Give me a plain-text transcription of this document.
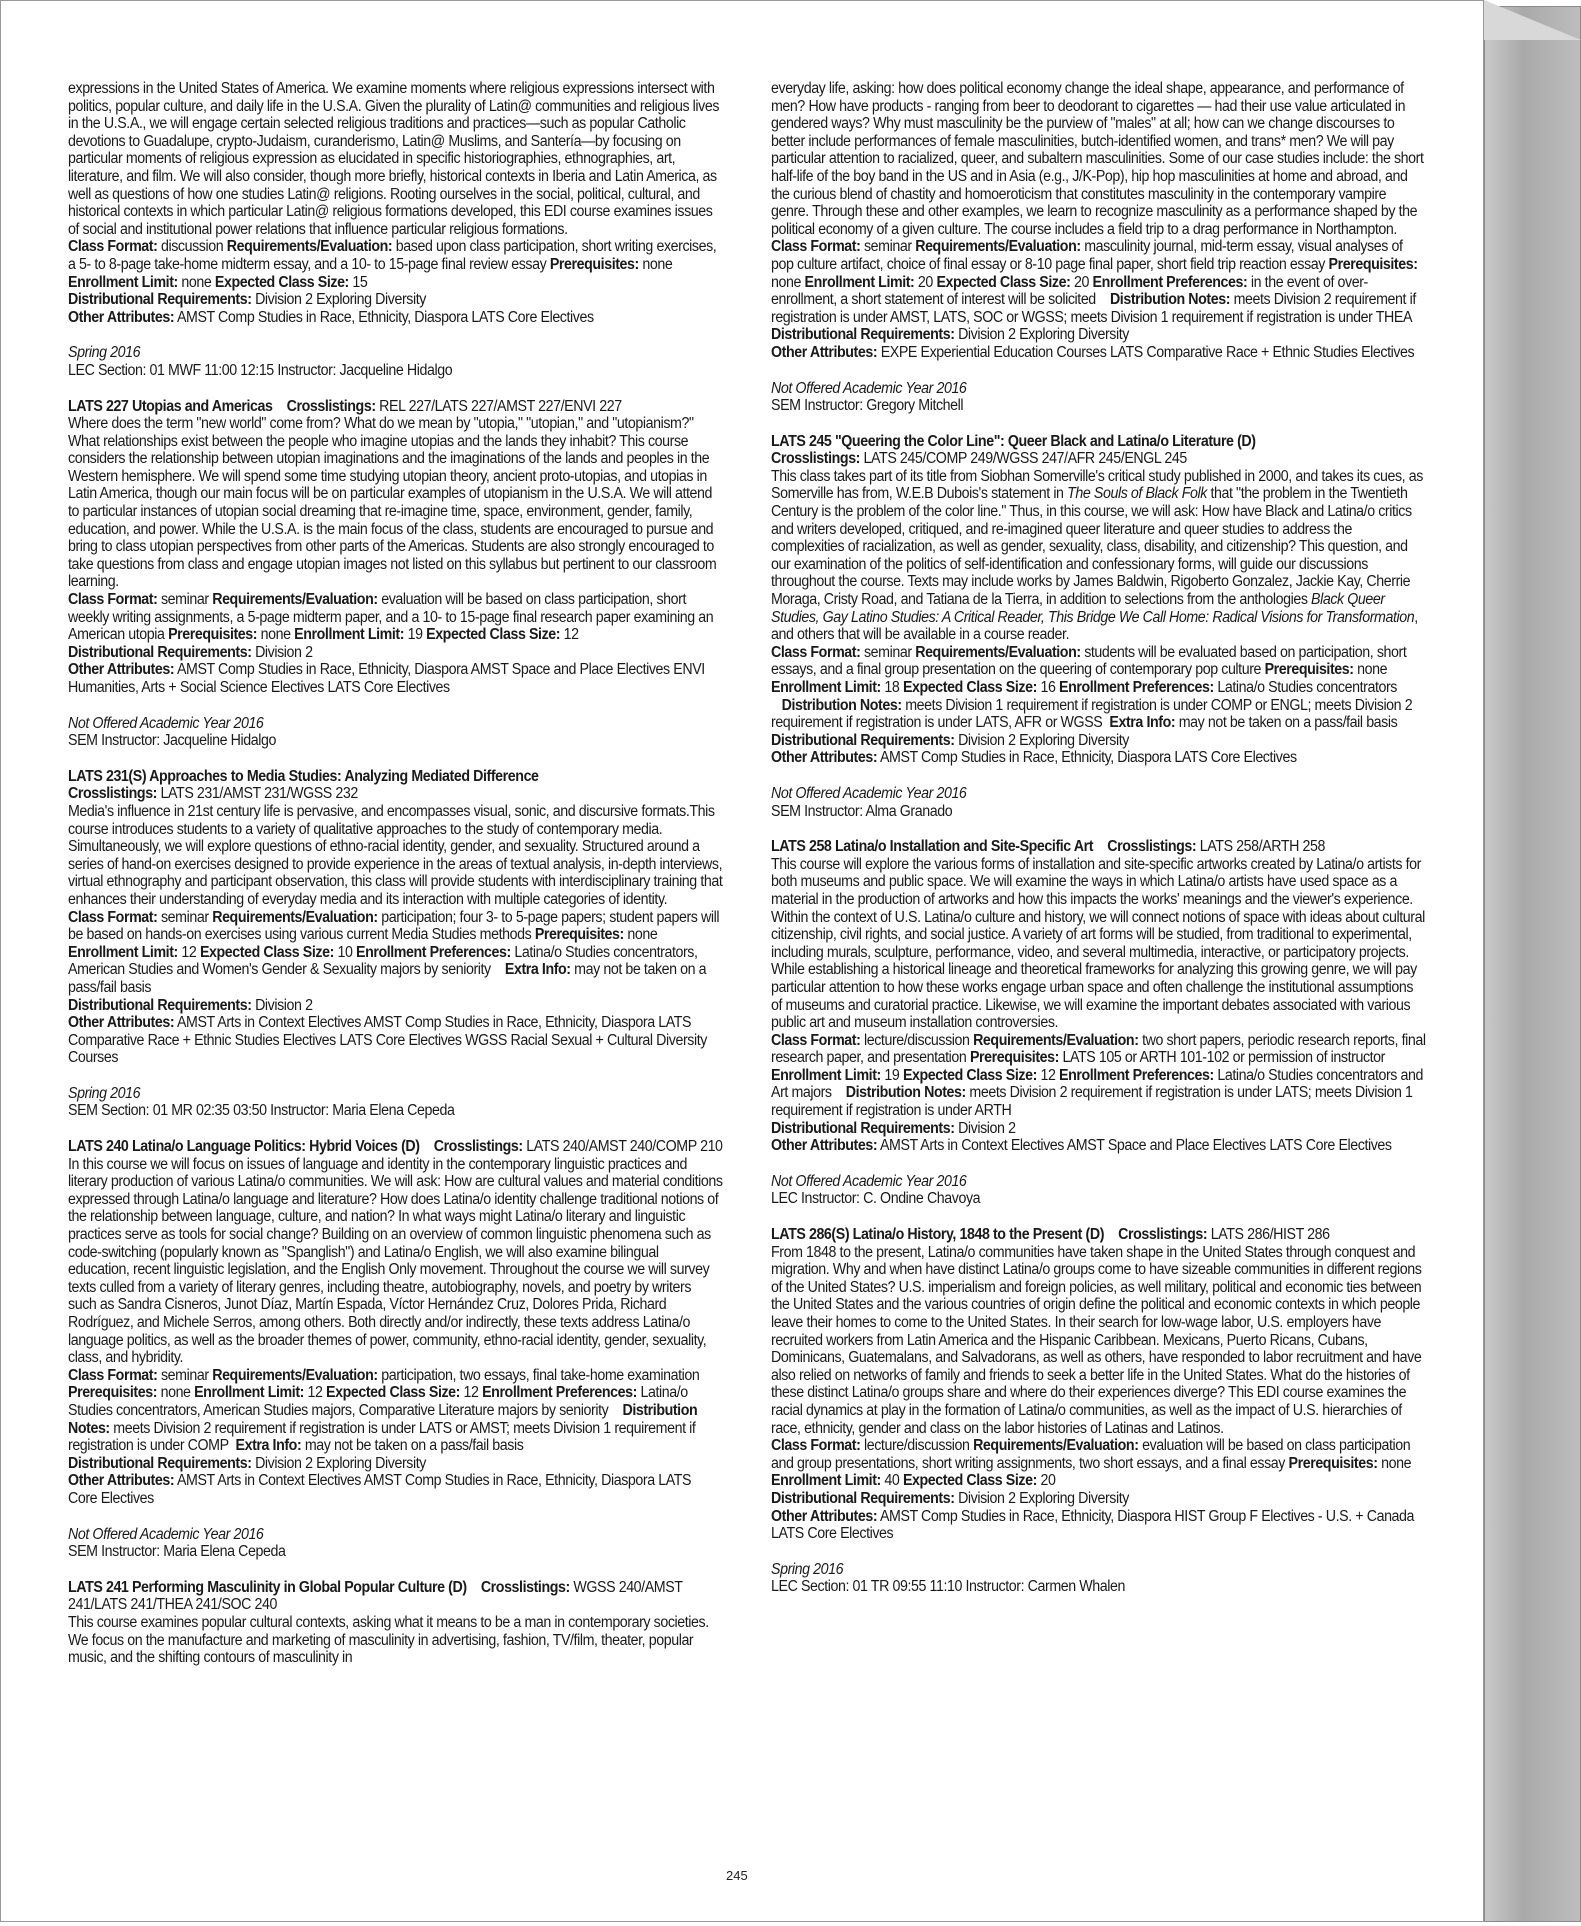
expressions in the United States of America. We examine moments where religious expressions intersect with politics, popular culture, and daily life in the U.S.A. Given the plurality of Latin@ communities and religious lives in the U.S.A., we will engage certain selected religious traditions and practices—such as popular Catholic devotions to Guadalupe, crypto-Judaism, curanderismo, Latin@ Muslims, and Santería—by focusing on particular moments of religious expression as elucidated in specific historiographies, ethnographies, art, literature, and film. We will also consider, though more briefly, historical contexts in Iberia and Latin America, as well as questions of how one studies Latin@ religions. Rooting ourselves in the social, political, cultural, and historical contexts in which particular Latin@ religious formations developed, this EDI course examines issues of social and institutional power relations that influence particular religious formations.

Class Format: discussion Requirements/Evaluation: based upon class participation, short writing exercises, a 5- to 8-page take-home midterm essay, and a 10- to 15-page final review essay Prerequisites: none Enrollment Limit: none Expected Class Size: 15

Distributional Requirements: Division 2 Exploring Diversity

Other Attributes: AMST Comp Studies in Race, Ethnicity, Diaspora LATS Core Electives

Spring 2016

LEC Section: 01 MWF 11:00 12:15 Instructor: Jacqueline Hidalgo

LATS 227 Utopias and Americas Crosslistings: REL 227/LATS 227/AMST 227/ENVI 227

Where does the term "new world" come from? What do we mean by "utopia," "utopian," and "utopianism?" What relationships exist between the people who imagine utopias and the lands they inhabit? This course considers the relationship between utopian imaginations and the imaginations of the lands and peoples in the Western hemisphere. We will spend some time studying utopian theory, ancient proto-utopias, and utopias in Latin America, though our main focus will be on particular examples of utopianism in the U.S.A. We will attend to particular instances of utopian social dreaming that re-imagine time, space, environment, gender, family, education, and power. While the U.S.A. is the main focus of the class, students are encouraged to pursue and bring to class utopian perspectives from other parts of the Americas. Students are also strongly encouraged to take questions from class and engage utopian images not listed on this syllabus but pertinent to our classroom learning.

Class Format: seminar Requirements/Evaluation: evaluation will be based on class participation, short weekly writing assignments, a 5-page midterm paper, and a 10- to 15-page final research paper examining an American utopia Prerequisites: none Enrollment Limit: 19 Expected Class Size: 12

Distributional Requirements: Division 2

Other Attributes: AMST Comp Studies in Race, Ethnicity, Diaspora AMST Space and Place Electives ENVI Humanities, Arts + Social Science Electives LATS Core Electives

Not Offered Academic Year 2016

SEM Instructor: Jacqueline Hidalgo

LATS 231(S) Approaches to Media Studies: Analyzing Mediated Difference

Crosslistings: LATS 231/AMST 231/WGSS 232

Media's influence in 21st century life is pervasive, and encompasses visual, sonic, and discursive formats.This course introduces students to a variety of qualitative approaches to the study of contemporary media. Simultaneously, we will explore questions of ethno-racial identity, gender, and sexuality. Structured around a series of hand-on exercises designed to provide experience in the areas of textual analysis, in-depth interviews, virtual ethnography and participant observation, this class will provide students with interdisciplinary training that enhances their understanding of everyday media and its interaction with multiple categories of identity.

Class Format: seminar Requirements/Evaluation: participation; four 3- to 5-page papers; student papers will be based on hands-on exercises using various current Media Studies methods Prerequisites: none Enrollment Limit: 12 Expected Class Size: 10 Enrollment Preferences: Latina/o Studies concentrators, American Studies and Women's Gender & Sexuality majors by seniority Extra Info: may not be taken on a pass/fail basis

Distributional Requirements: Division 2

Other Attributes: AMST Arts in Context Electives AMST Comp Studies in Race, Ethnicity, Diaspora LATS Comparative Race + Ethnic Studies Electives LATS Core Electives WGSS Racial Sexual + Cultural Diversity Courses

Spring 2016

SEM Section: 01 MR 02:35 03:50 Instructor: Maria Elena Cepeda

LATS 240 Latina/o Language Politics: Hybrid Voices (D) Crosslistings: LATS 240/AMST 240/COMP 210

In this course we will focus on issues of language and identity in the contemporary linguistic practices and literary production of various Latina/o communities. We will ask: How are cultural values and material conditions expressed through Latina/o language and literature? How does Latina/o identity challenge traditional notions of the relationship between language, culture, and nation? In what ways might Latina/o literary and linguistic practices serve as tools for social change? Building on an overview of common linguistic phenomena such as code-switching (popularly known as "Spanglish") and Latina/o English, we will also examine bilingual education, recent linguistic legislation, and the English Only movement. Throughout the course we will survey texts culled from a variety of literary genres, including theatre, autobiography, novels, and poetry by writers such as Sandra Cisneros, Junot Díaz, Martín Espada, Víctor Hernández Cruz, Dolores Prida, Richard Rodríguez, and Michele Serros, among others. Both directly and/or indirectly, these texts address Latina/o language politics, as well as the broader themes of power, community, ethno-racial identity, gender, sexuality, class, and hybridity.

Class Format: seminar Requirements/Evaluation: participation, two essays, final take-home examination Prerequisites: none Enrollment Limit: 12 Expected Class Size: 12 Enrollment Preferences: Latina/o Studies concentrators, American Studies majors, Comparative Literature majors by seniority Distribution Notes: meets Division 2 requirement if registration is under LATS or AMST; meets Division 1 requirement if registration is under COMP Extra Info: may not be taken on a pass/fail basis

Distributional Requirements: Division 2 Exploring Diversity

Other Attributes: AMST Arts in Context Electives AMST Comp Studies in Race, Ethnicity, Diaspora LATS Core Electives

Not Offered Academic Year 2016

SEM Instructor: Maria Elena Cepeda

LATS 241 Performing Masculinity in Global Popular Culture (D) Crosslistings: WGSS 240/AMST 241/LATS 241/THEA 241/SOC 240

This course examines popular cultural contexts, asking what it means to be a man in contemporary societies. We focus on the manufacture and marketing of masculinity in advertising, fashion, TV/film, theater, popular music, and the shifting contours of masculinity in

everyday life, asking: how does political economy change the ideal shape, appearance, and performance of men? How have products - ranging from beer to deodorant to cigarettes — had their use value articulated in gendered ways? Why must masculinity be the purview of "males" at all; how can we change discourses to better include performances of female masculinities, butch-identified women, and trans* men? We will pay particular attention to racialized, queer, and subaltern masculinities. Some of our case studies include: the short half-life of the boy band in the US and in Asia (e.g., J/K-Pop), hip hop masculinities at home and abroad, and the curious blend of chastity and homoeroticism that constitutes masculinity in the contemporary vampire genre. Through these and other examples, we learn to recognize masculinity as a performance shaped by the political economy of a given culture. The course includes a field trip to a drag performance in Northampton.

Class Format: seminar Requirements/Evaluation: masculinity journal, mid-term essay, visual analyses of pop culture artifact, choice of final essay or 8-10 page final paper, short field trip reaction essay Prerequisites: none Enrollment Limit: 20 Expected Class Size: 20 Enrollment Preferences: in the event of over-enrollment, a short statement of interest will be solicited Distribution Notes: meets Division 2 requirement if registration is under AMST, LATS, SOC or WGSS; meets Division 1 requirement if registration is under THEA

Distributional Requirements: Division 2 Exploring Diversity

Other Attributes: EXPE Experiential Education Courses LATS Comparative Race + Ethnic Studies Electives

Not Offered Academic Year 2016

SEM Instructor: Gregory Mitchell

LATS 245 "Queering the Color Line": Queer Black and Latina/o Literature (D)

Crosslistings: LATS 245/COMP 249/WGSS 247/AFR 245/ENGL 245

This class takes part of its title from Siobhan Somerville's critical study published in 2000, and takes its cues, as Somerville has from, W.E.B Dubois's statement in The Souls of Black Folk that "the problem in the Twentieth Century is the problem of the color line." Thus, in this course, we will ask: How have Black and Latina/o critics and writers developed, critiqued, and re-imagined queer literature and queer studies to address the complexities of racialization, as well as gender, sexuality, class, disability, and citizenship? This question, and our examination of the politics of self-identification and confessionary forms, will guide our discussions throughout the course. Texts may include works by James Baldwin, Rigoberto Gonzalez, Jackie Kay, Cherrie Moraga, Cristy Road, and Tatiana de la Tierra, in addition to selections from the anthologies Black Queer Studies, Gay Latino Studies: A Critical Reader, This Bridge We Call Home: Radical Visions for Transformation, and others that will be available in a course reader.

Class Format: seminar Requirements/Evaluation: students will be evaluated based on participation, short essays, and a final group presentation on the queering of contemporary pop culture Prerequisites: none Enrollment Limit: 18 Expected Class Size: 16 Enrollment Preferences: Latina/o Studies concentrators    Distribution Notes: meets Division 1 requirement if registration is under COMP or ENGL; meets Division 2 requirement if registration is under LATS, AFR or WGSS Extra Info: may not be taken on a pass/fail basis

Distributional Requirements: Division 2 Exploring Diversity

Other Attributes: AMST Comp Studies in Race, Ethnicity, Diaspora LATS Core Electives

Not Offered Academic Year 2016

SEM Instructor: Alma Granado

LATS 258 Latina/o Installation and Site-Specific Art Crosslistings: LATS 258/ARTH 258

This course will explore the various forms of installation and site-specific artworks created by Latina/o artists for both museums and public space. We will examine the ways in which Latina/o artists have used space as a material in the production of artworks and how this impacts the works' meanings and the viewer's experience. Within the context of U.S. Latina/o culture and history, we will connect notions of space with ideas about cultural citizenship, civil rights, and social justice. A variety of art forms will be studied, from traditional to experimental, including murals, sculpture, performance, video, and several multimedia, interactive, or participatory projects. While establishing a historical lineage and theoretical frameworks for analyzing this growing genre, we will pay particular attention to how these works engage urban space and often challenge the institutional assumptions of museums and curatorial practice. Likewise, we will examine the important debates associated with various public art and museum installation controversies.

Class Format: lecture/discussion Requirements/Evaluation: two short papers, periodic research reports, final research paper, and presentation Prerequisites: LATS 105 or ARTH 101-102 or permission of instructor Enrollment Limit: 19 Expected Class Size: 12 Enrollment Preferences: Latina/o Studies concentrators and Art majors Distribution Notes: meets Division 2 requirement if registration is under LATS; meets Division 1 requirement if registration is under ARTH

Distributional Requirements: Division 2

Other Attributes: AMST Arts in Context Electives AMST Space and Place Electives LATS Core Electives

Not Offered Academic Year 2016

LEC Instructor: C. Ondine Chavoya

LATS 286(S) Latina/o History, 1848 to the Present (D) Crosslistings: LATS 286/HIST 286

From 1848 to the present, Latina/o communities have taken shape in the United States through conquest and migration. Why and when have distinct Latina/o groups come to have sizeable communities in different regions of the United States? U.S. imperialism and foreign policies, as well military, political and economic ties between the United States and the various countries of origin define the political and economic contexts in which people leave their homes to come to the United States. In their search for low-wage labor, U.S. employers have recruited workers from Latin America and the Hispanic Caribbean. Mexicans, Puerto Ricans, Cubans, Dominicans, Guatemalans, and Salvadorans, as well as others, have responded to labor recruitment and have also relied on networks of family and friends to seek a better life in the United States. What do the histories of these distinct Latina/o groups share and where do their experiences diverge? This EDI course examines the racial dynamics at play in the formation of Latina/o communities, as well as the impact of U.S. hierarchies of race, ethnicity, gender and class on the labor histories of Latinas and Latinos.

Class Format: lecture/discussion Requirements/Evaluation: evaluation will be based on class participation and group presentations, short writing assignments, two short essays, and a final essay Prerequisites: none Enrollment Limit: 40 Expected Class Size: 20

Distributional Requirements: Division 2 Exploring Diversity

Other Attributes: AMST Comp Studies in Race, Ethnicity, Diaspora HIST Group F Electives - U.S. + Canada LATS Core Electives

Spring 2016

LEC Section: 01 TR 09:55 11:10 Instructor: Carmen Whalen

245
